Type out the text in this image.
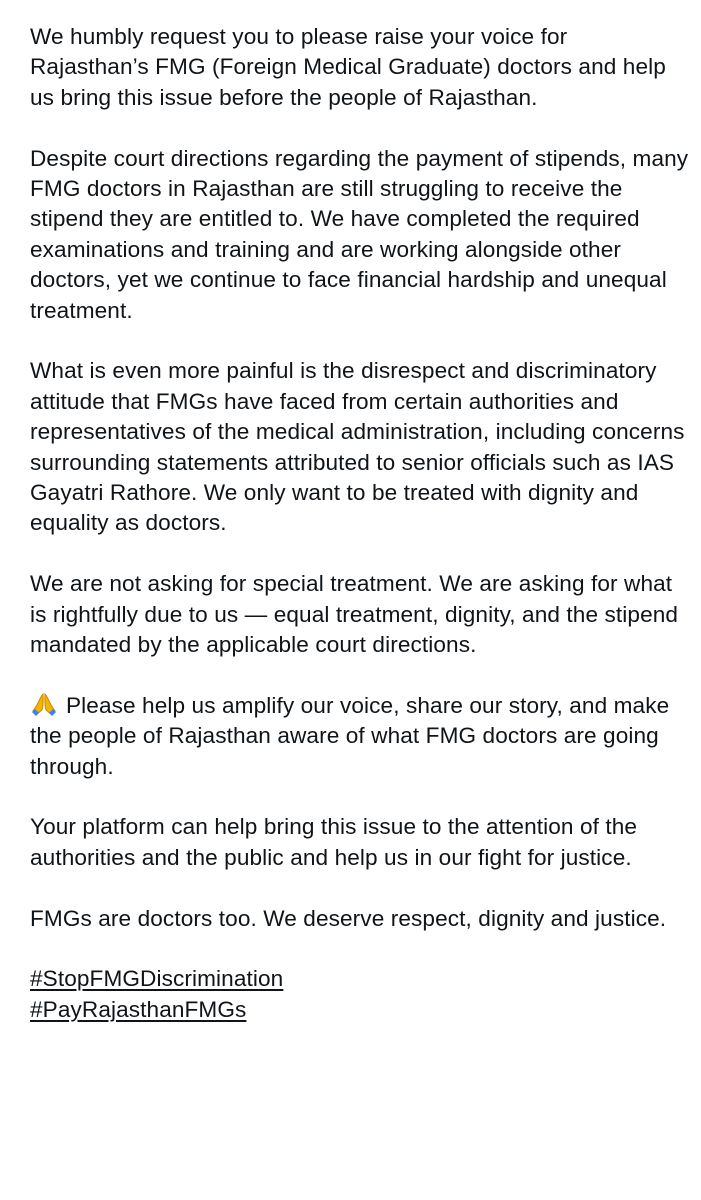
We humbly request you to please raise your voice for Rajasthan’s FMG (Foreign Medical Graduate) doctors and help us bring this issue before the people of Rajasthan.

Despite court directions regarding the payment of stipends, many FMG doctors in Rajasthan are still struggling to receive the stipend they are entitled to. We have completed the required examinations and training and are working alongside other doctors, yet we continue to face financial hardship and unequal treatment.

What is even more painful is the disrespect and discriminatory attitude that FMGs have faced from certain authorities and representatives of the medical administration, including concerns surrounding statements attributed to senior officials such as IAS Gayatri Rathore. We only want to be treated with dignity and equality as doctors.

We are not asking for special treatment. We are asking for what is rightfully due to us — equal treatment, dignity, and the stipend mandated by the applicable court directions.

Please help us amplify our voice, share our story, and make the people of Rajasthan aware of what FMG doctors are going through.

Your platform can help bring this issue to the attention of the authorities and the public and help us in our fight for justice.

FMGs are doctors too. We deserve respect, dignity and justice.

#StopFMGDiscrimination
#PayRajasthanFMGs
